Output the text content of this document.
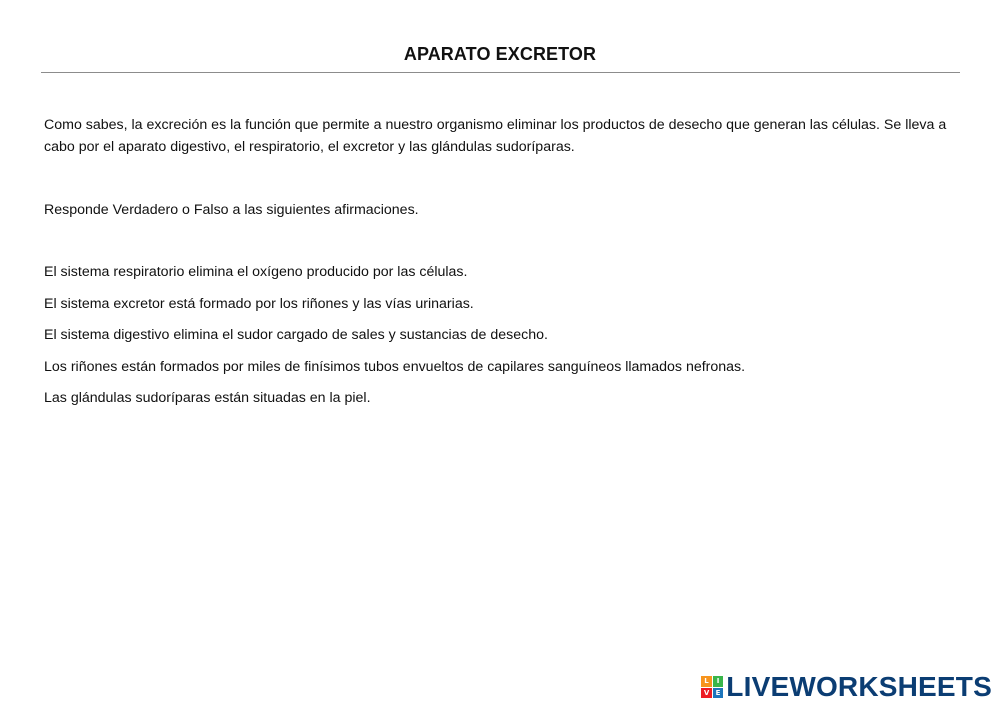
APARATO EXCRETOR
Como sabes, la excreción es la función que permite a nuestro organismo eliminar los productos de desecho que generan las células. Se lleva a cabo por el aparato digestivo, el respiratorio, el excretor y las glándulas sudoríparas.
Responde Verdadero o Falso a las siguientes afirmaciones.
El sistema respiratorio elimina el oxígeno producido por las células.
El sistema excretor está formado por los riñones y las vías urinarias.
El sistema digestivo elimina el sudor cargado de sales y sustancias de desecho.
Los riñones están formados por miles de finísimos tubos envueltos de capilares sanguíneos llamados nefronas.
Las glándulas sudoríparas están situadas en la piel.
L	I
V E LIVEWORKSHEETS
